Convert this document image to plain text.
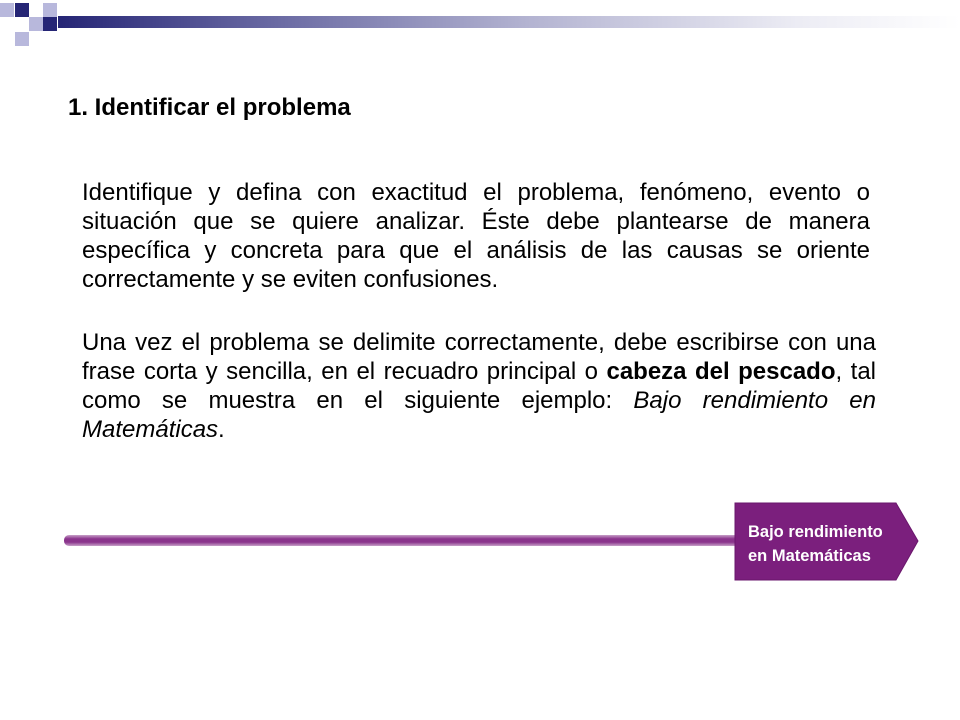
1. Identificar el problema
Identifique y defina con exactitud el problema, fenómeno, evento o
situación que se quiere analizar. Éste debe plantearse de manera
específica y concreta para que el análisis de las causas se oriente
correctamente y se eviten confusiones.
Una vez el problema se delimite correctamente, debe escribirse con una
frase corta y sencilla, en el recuadro principal o cabeza del pescado, tal
como se muestra en el siguiente ejemplo: Bajo rendimiento en
Matemáticas.
Bajo rendimiento
en Matemáticas
